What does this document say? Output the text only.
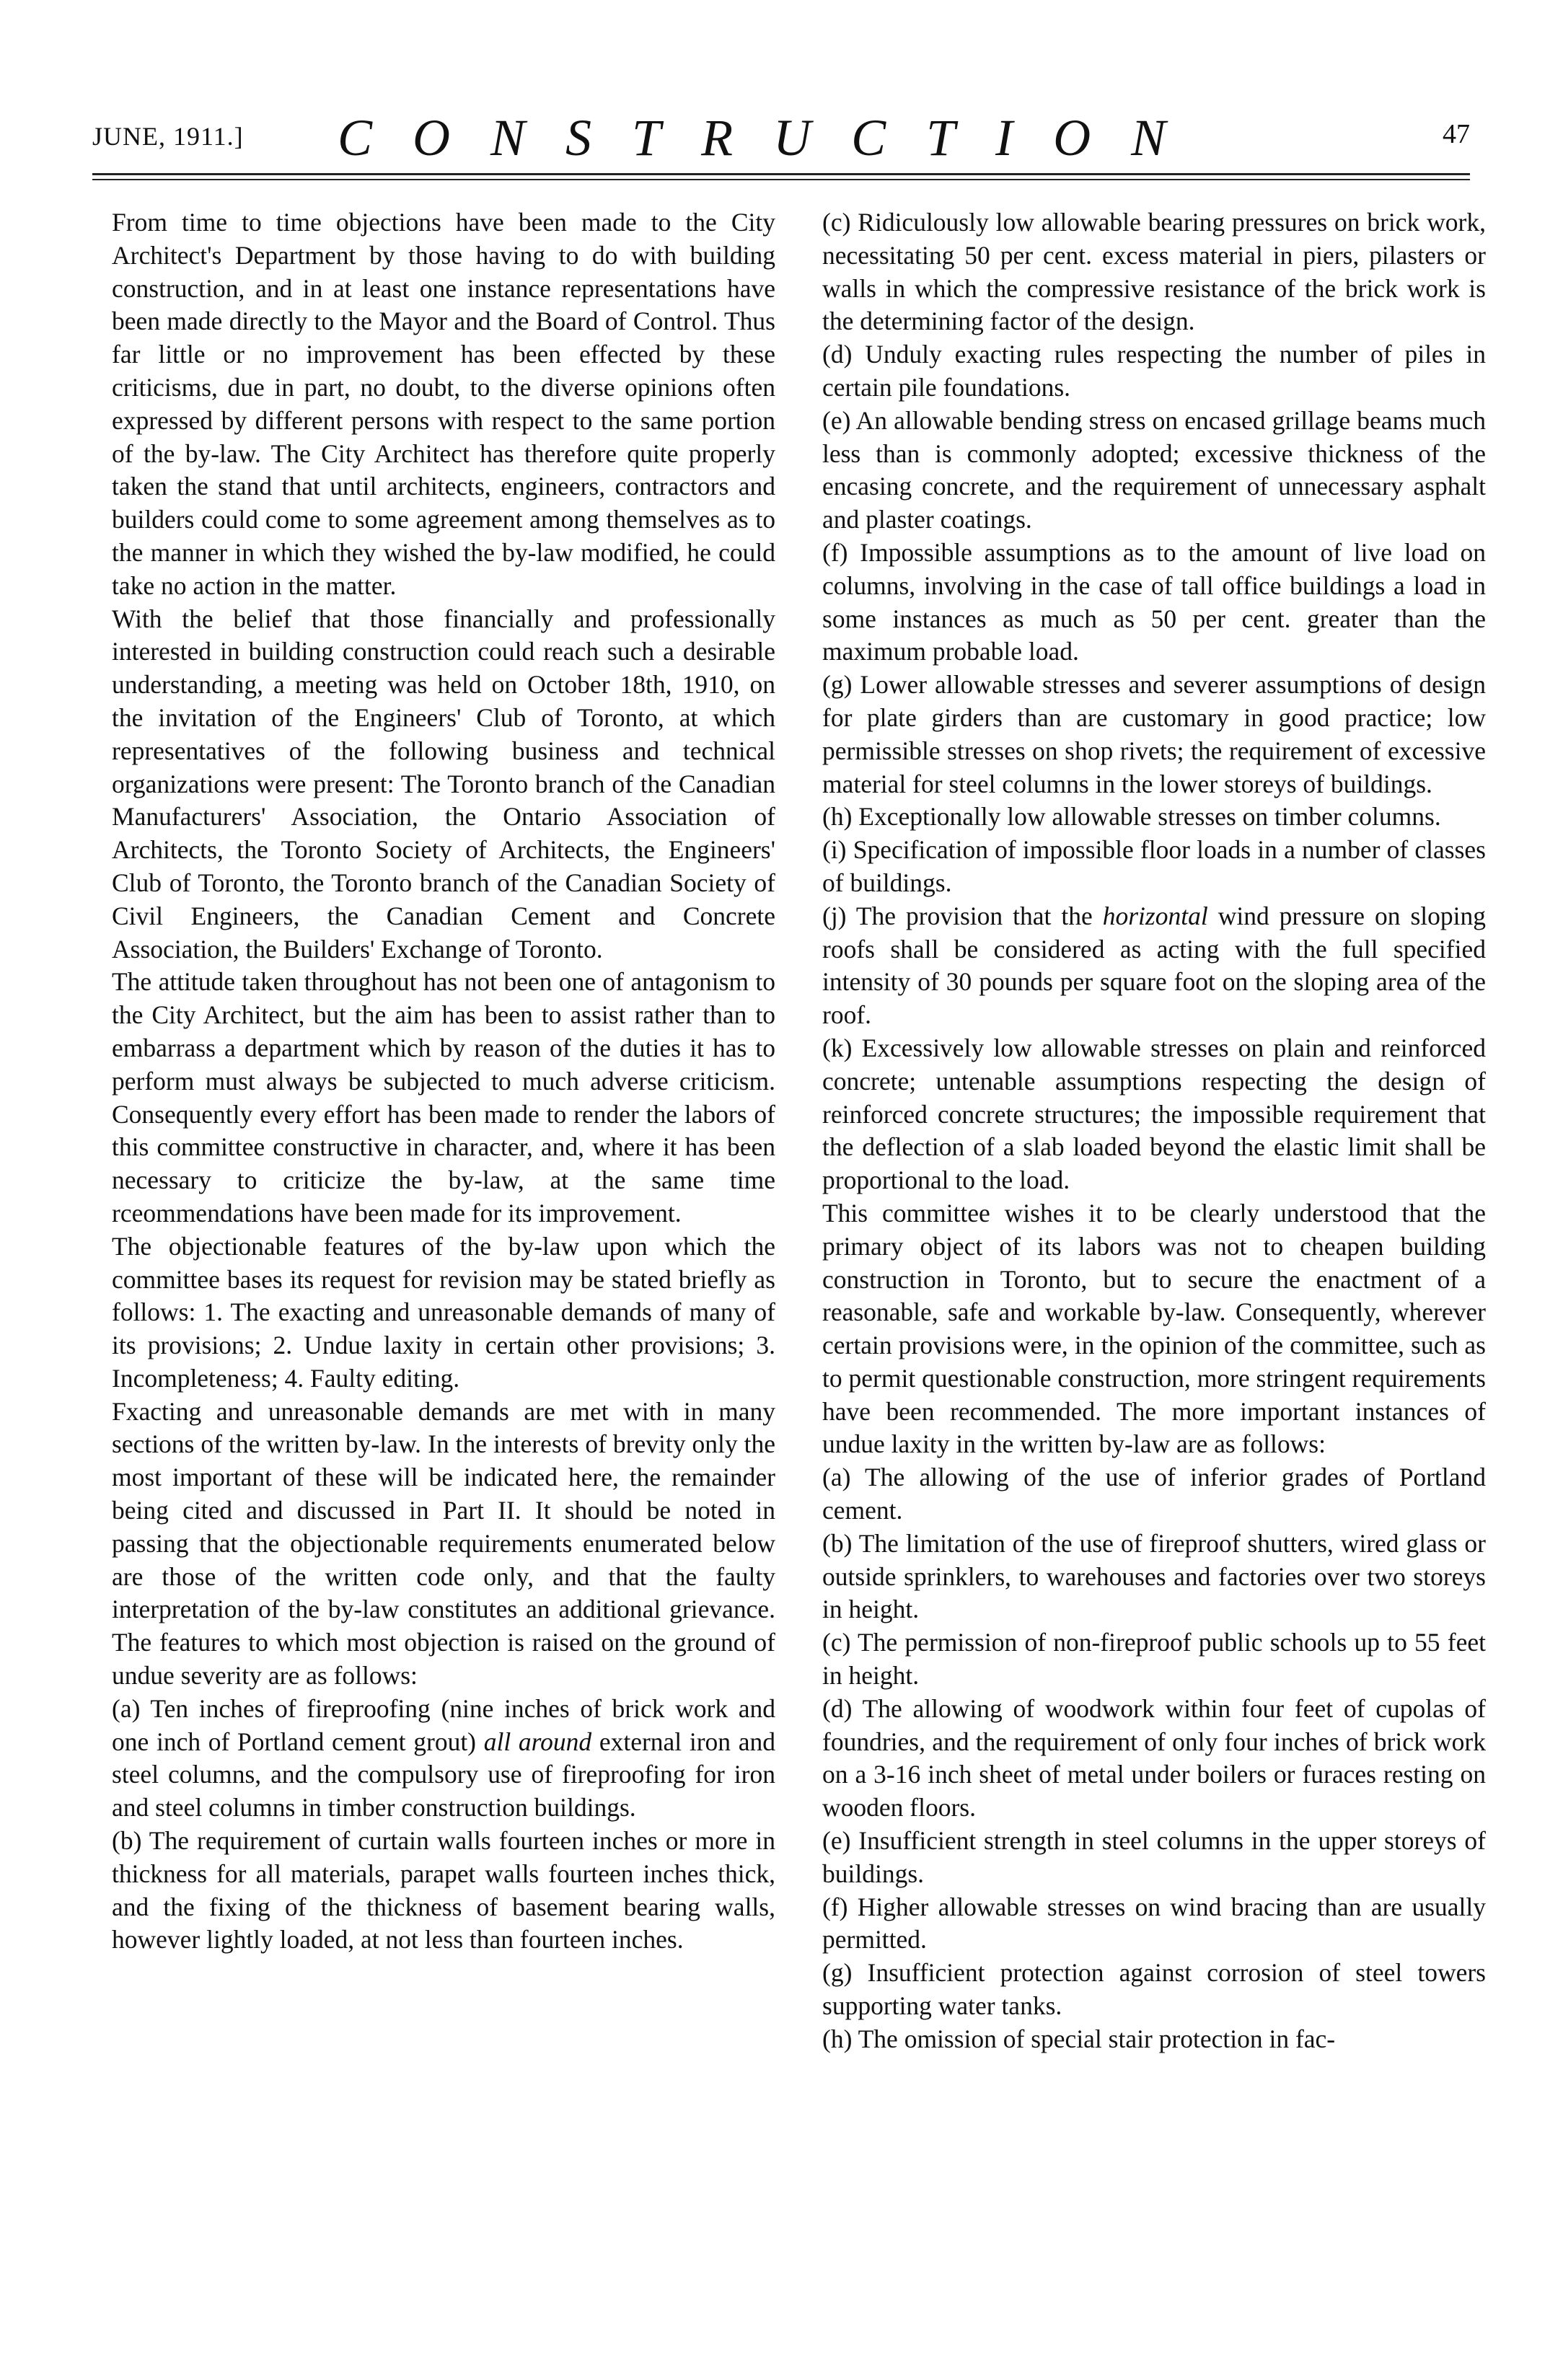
JUNE, 1911.] CONSTRUCTION	47

From time to time objections have been made to the City Architect's Department by those having to do with building construction, and in at least one instance representations have been made directly to the Mayor and the Board of Control. Thus far little or no improvement has been effected by these criticisms, due in part, no doubt, to the diverse opinions often expressed by different persons with respect to the same portion of the by-law. The City Architect has therefore quite properly taken the stand that until architects, engineers, contractors and builders could come to some agreement among themselves as to the manner in which they wished the by-law modified, he could take no action in the matter.

With the belief that those financially and professionally interested in building construction could reach such a desirable understanding, a meeting was held on October 18th, 1910, on the invitation of the Engineers' Club of Toronto, at which representatives of the following business and technical organizations were present: The Toronto branch of the Canadian Manufacturers' Association, the Ontario Association of Architects, the Toronto Society of Architects, the Engineers' Club of Toronto, the Toronto branch of the Canadian Society of Civil Engineers, the Canadian Cement and Concrete Association, the Builders' Exchange of Toronto.

The attitude taken throughout has not been one of antagonism to the City Architect, but the aim has been to assist rather than to embarrass a department which by reason of the duties it has to perform must always be subjected to much adverse criticism. Consequently every effort has been made to render the labors of this committee constructive in character, and, where it has been necessary to criticize the by-law, at the same time rceommendations have been made for its improvement.

The objectionable features of the by-law upon which the committee bases its request for revision may be stated briefly as follows: 1. The exacting and unreasonable demands of many of its provisions; 2. Undue laxity in certain other provisions; 3. Incompleteness; 4. Faulty editing.

Fxacting and unreasonable demands are met with in many sections of the written by-law. In the interests of brevity only the most important of these will be indicated here, the remainder being cited and discussed in Part II. It should be noted in passing that the objectionable requirements enumerated below are those of the written code only, and that the faulty interpretation of the by-law constitutes an additional grievance. The features to which most objection is raised on the ground of undue severity are as follows:

(a) Ten inches of fireproofing (nine inches of brick work and one inch of Portland cement grout) all around external iron and steel columns, and the compulsory use of fireproofing for iron and steel columns in timber construction buildings.

(b) The requirement of curtain walls fourteen inches or more in thickness for all materials, parapet walls fourteen inches thick, and the fixing of the thickness of basement bearing walls, however lightly loaded, at not less than fourteen inches.

(c) Ridiculously low allowable bearing pressures on brick work, necessitating 50 per cent. excess material in piers, pilasters or walls in which the compressive resistance of the brick work is the determining factor of the design.

(d) Unduly exacting rules respecting the number of piles in certain pile foundations.

(e) An allowable bending stress on encased grillage beams much less than is commonly adopted; excessive thickness of the encasing concrete, and the requirement of unnecessary asphalt and plaster coatings.

(f) Impossible assumptions as to the amount of live load on columns, involving in the case of tall office buildings a load in some instances as much as 50 per cent. greater than the maximum probable load.

(g) Lower allowable stresses and severer assumptions of design for plate girders than are customary in good practice; low permissible stresses on shop rivets; the requirement of excessive material for steel columns in the lower storeys of buildings.

(h) Exceptionally low allowable stresses on timber columns.

(i) Specification of impossible floor loads in a number of classes of buildings.

(j) The provision that the horizontal wind pressure on sloping roofs shall be considered as acting with the full specified intensity of 30 pounds per square foot on the sloping area of the roof.

(k) Excessively low allowable stresses on plain and reinforced concrete; untenable assumptions respecting the design of reinforced concrete structures; the impossible requirement that the deflection of a slab loaded beyond the elastic limit shall be proportional to the load.

This committee wishes it to be clearly understood that the primary object of its labors was not to cheapen building construction in Toronto, but to secure the enactment of a reasonable, safe and workable by-law. Consequently, wherever certain provisions were, in the opinion of the committee, such as to permit questionable construction, more stringent requirements have been recommended. The more important instances of undue laxity in the written by-law are as follows:

(a) The allowing of the use of inferior grades of Portland cement.

(b) The limitation of the use of fireproof shutters, wired glass or outside sprinklers, to warehouses and factories over two storeys in height.

(c) The permission of non-fireproof public schools up to 55 feet in height.

(d) The allowing of woodwork within four feet of cupolas of foundries, and the requirement of only four inches of brick work on a 3-16 inch sheet of metal under boilers or furaces resting on wooden floors.

(e) Insufficient strength in steel columns in the upper storeys of buildings.

(f) Higher allowable stresses on wind bracing than are usually permitted.

(g) Insufficient protection against corrosion of steel towers supporting water tanks.

(h) The omission of special stair protection in fac-
